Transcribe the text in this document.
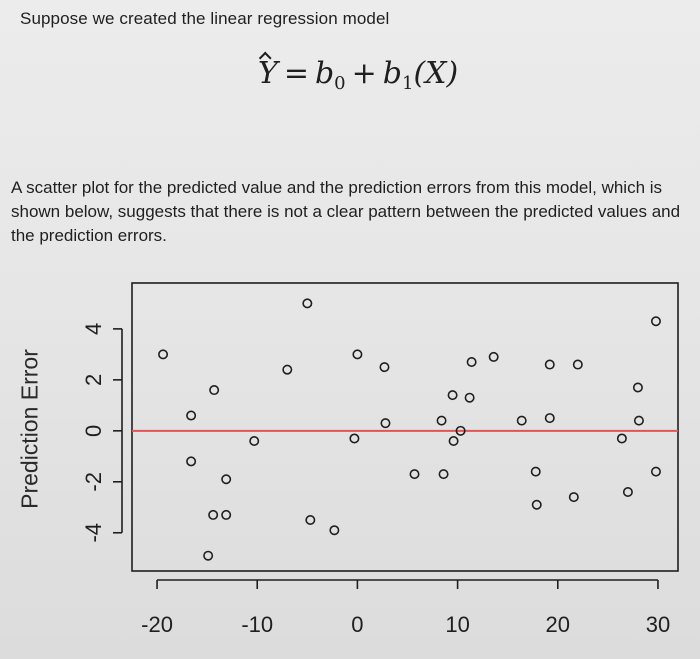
Suppose we created the linear regression model
$Y = b_0 + b_1(X)$
A scatter plot for the predicted value and the prediction errors from this model, which is shown below, suggests that there is not a clear pattern between the predicted values and the prediction errors.
Prediction Error
-20	-10	0	10	20	30
-4
-2
0
2
4
